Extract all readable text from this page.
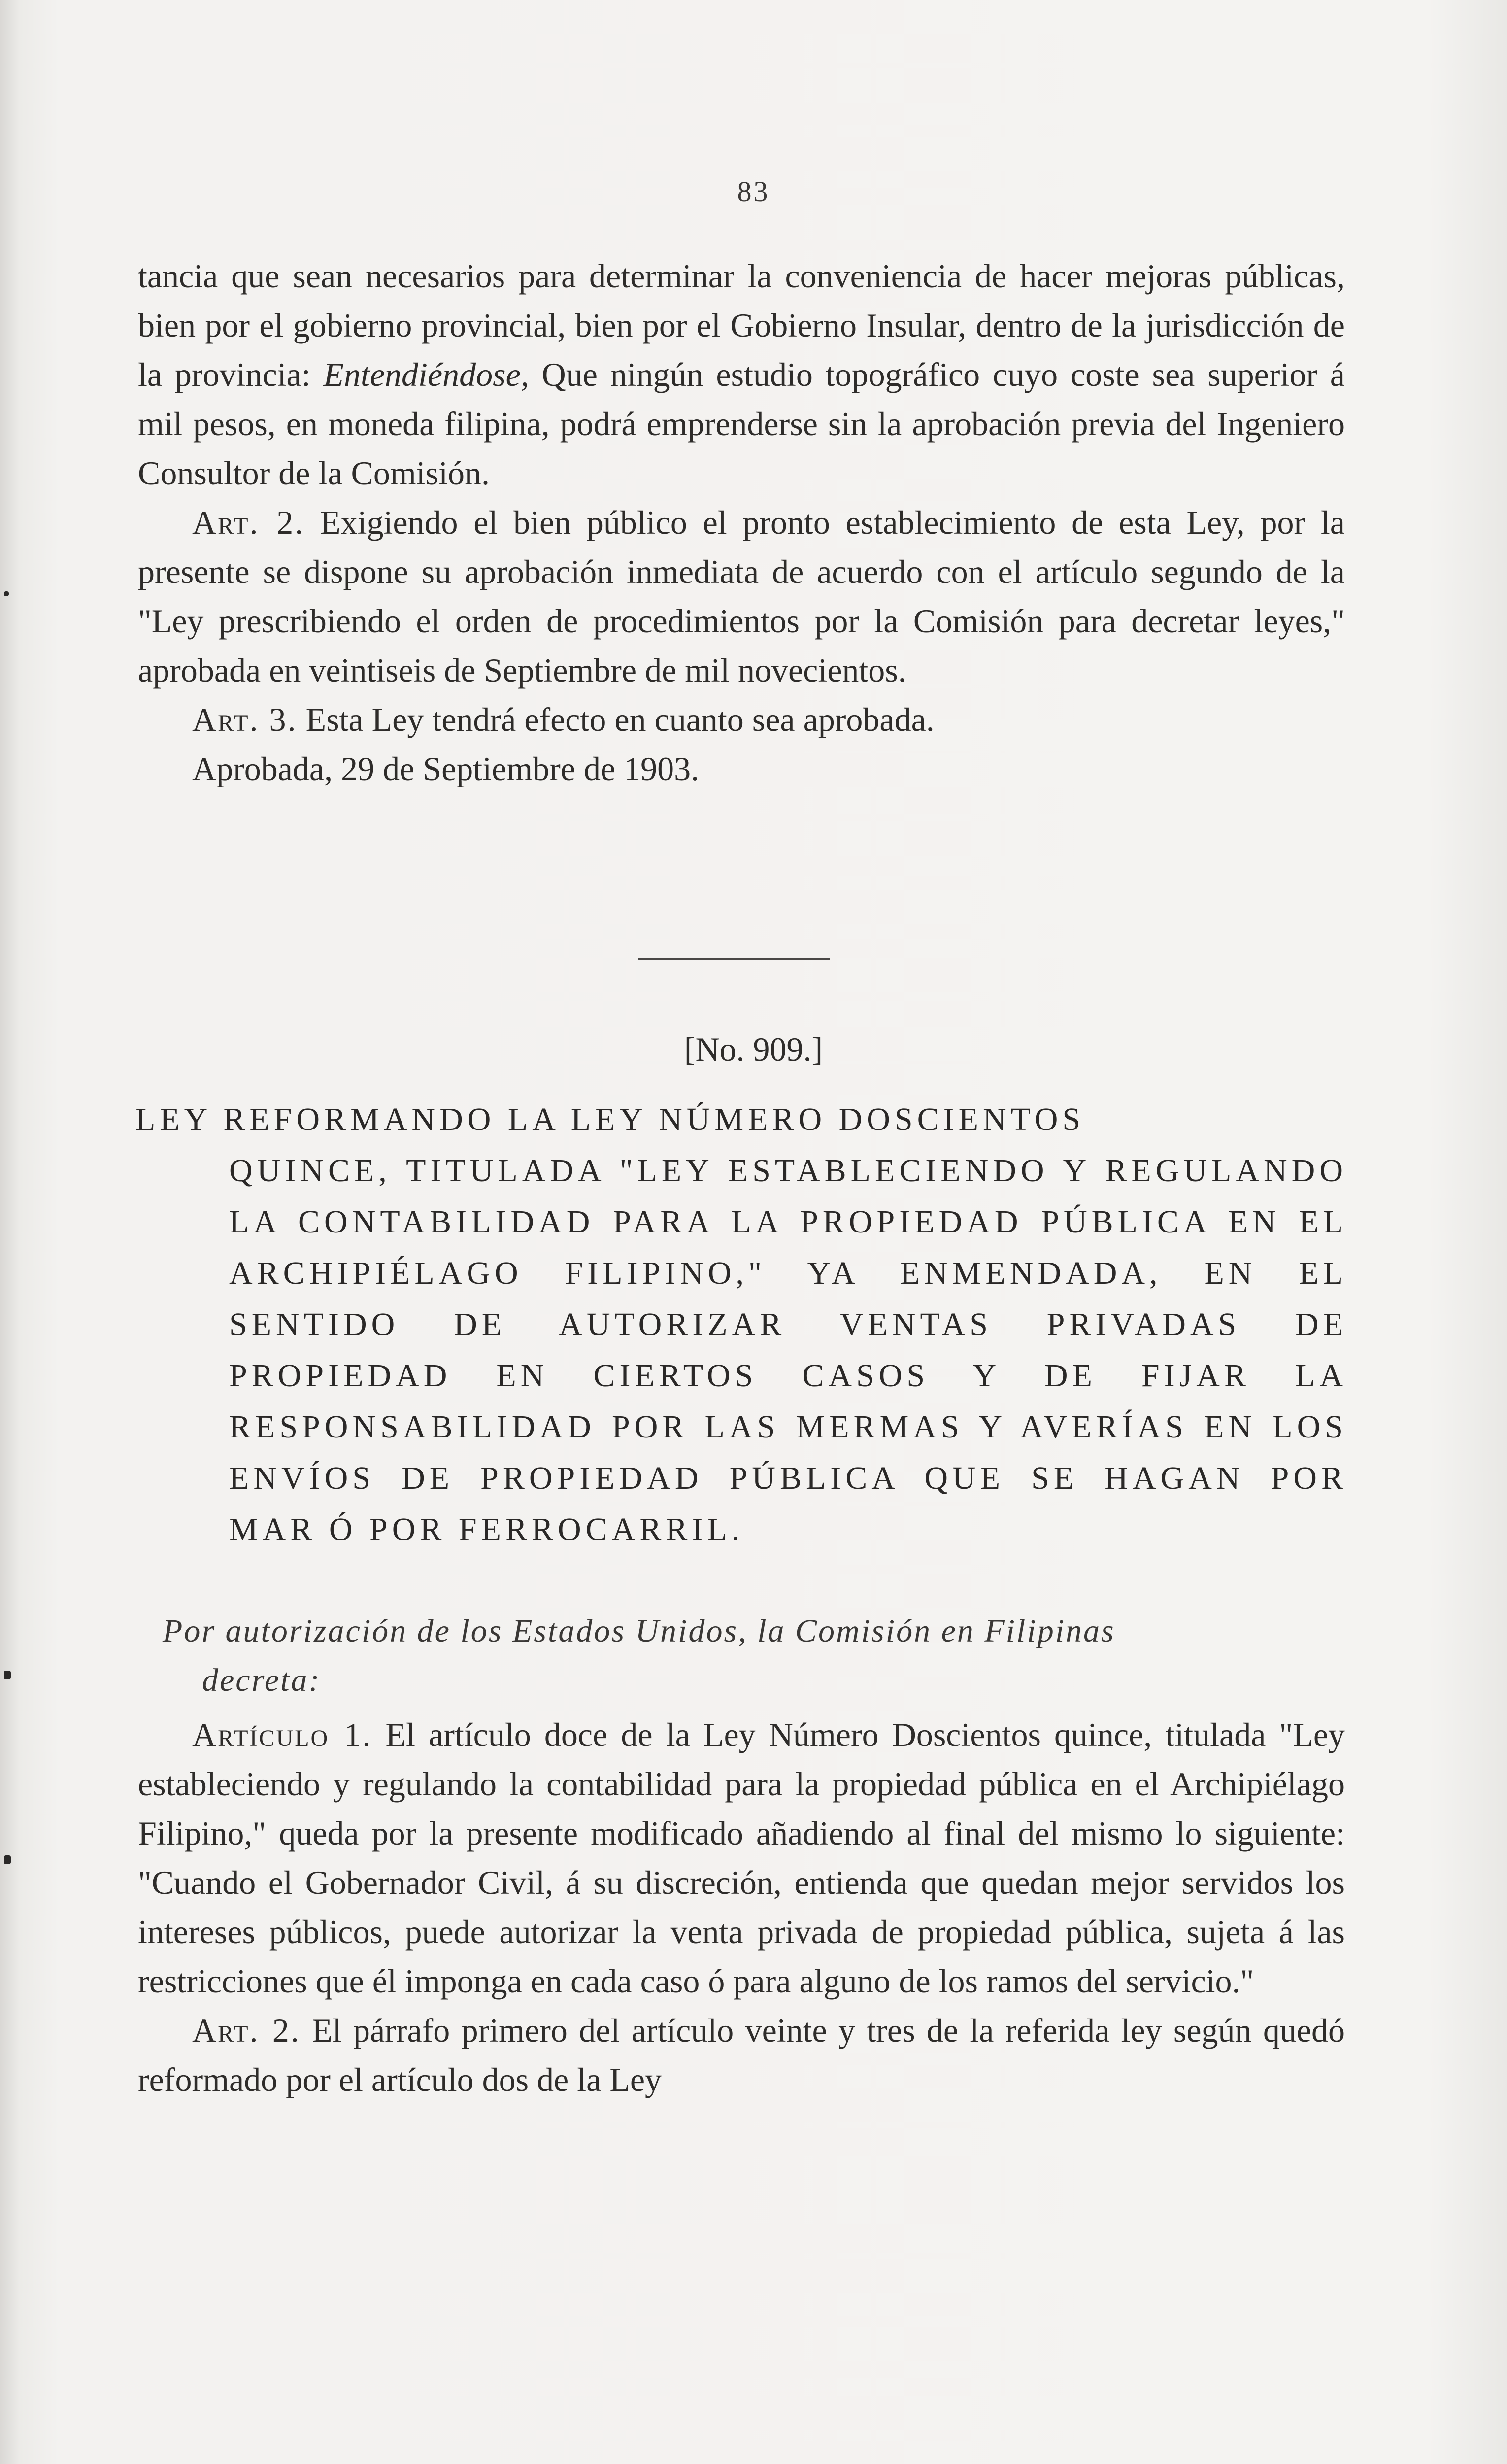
83

tancia que sean necesarios para determinar la conveniencia de hacer mejoras públicas, bien por el gobierno provincial, bien por el Gobierno Insular, dentro de la jurisdicción de la provincia: Entendiéndose, Que ningún estudio topográfico cuyo coste sea superior á mil pesos, en moneda filipina, podrá emprenderse sin la aprobación previa del Ingeniero Consultor de la Comisión.

Art. 2. Exigiendo el bien público el pronto establecimiento de esta Ley, por la presente se dispone su aprobación inmediata de acuerdo con el artículo segundo de la "Ley prescribiendo el orden de procedimientos por la Comisión para decretar leyes," aprobada en veintiseis de Septiembre de mil novecientos.

Art. 3. Esta Ley tendrá efecto en cuanto sea aprobada.

Aprobada, 29 de Septiembre de 1903.

[No. 909.]

LEY REFORMANDO LA LEY NÚMERO DOSCIENTOS
QUINCE, TITULADA "LEY ESTABLECIENDO Y REGULANDO LA CONTABILIDAD PARA LA PROPIEDAD PÚBLICA EN EL ARCHIPIÉLAGO FILIPINO," YA ENMENDADA, EN EL SENTIDO DE AUTORIZAR VENTAS PRIVADAS DE PROPIEDAD EN CIERTOS CASOS Y DE FIJAR LA RESPONSABILIDAD POR LAS MERMAS Y AVERÍAS EN LOS ENVÍOS DE PROPIEDAD PÚBLICA QUE SE HAGAN POR MAR Ó POR FERROCARRIL.

Por autorización de los Estados Unidos, la Comisión en Filipinas
decreta:

Artículo 1. El artículo doce de la Ley Número Doscientos quince, titulada "Ley estableciendo y regulando la contabilidad para la propiedad pública en el Archipiélago Filipino," queda por la presente modificado añadiendo al final del mismo lo siguiente: "Cuando el Gobernador Civil, á su discreción, entienda que quedan mejor servidos los intereses públicos, puede autorizar la venta privada de propiedad pública, sujeta á las restricciones que él imponga en cada caso ó para alguno de los ramos del servicio."

Art. 2. El párrafo primero del artículo veinte y tres de la referida ley según quedó reformado por el artículo dos de la Ley
